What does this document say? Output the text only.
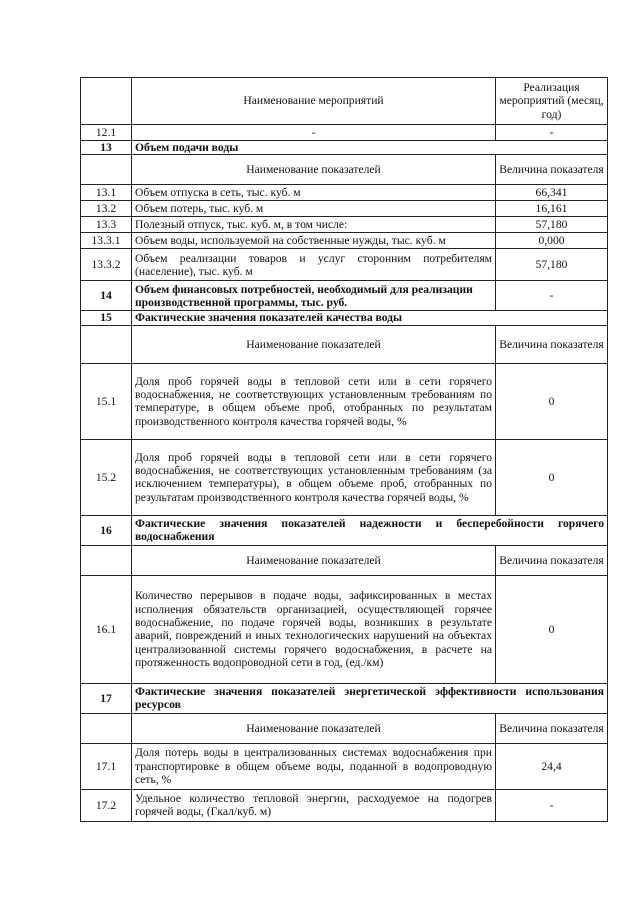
	Наименование мероприятий	Реализация мероприятий (месяц, год)
12.1	-	-
13	Объем подачи воды	
	Наименование показателей	Величина показателя
13.1	Объем отпуска в сеть, тыс. куб. м	66,341
13.2	Объем потерь, тыс. куб. м	16,161
13.3	Полезный отпуск, тыс. куб. м, в том числе:	57,180
13.3.1	Объем воды, используемой на собственные нужды, тыс. куб. м	0,000
13.3.2	Объем реализации товаров и услуг сторонним потребителям (население), тыс. куб. м	57,180
14	Объем финансовых потребностей, необходимый для реализации производственной программы, тыс. руб.	-
15	Фактические значения показателей качества воды	
	Наименование показателей	Величина показателя
15.1	Доля проб горячей воды в тепловой сети или в сети горячего водоснабжения, не соответствующих установленным требованиям по температуре, в общем объеме проб, отобранных по результатам производственного контроля качества горячей воды, %	0
15.2	Доля проб горячей воды в тепловой сети или в сети горячего водоснабжения, не соответствующих установленным требованиям (за исключением температуры), в общем объеме проб, отобранных по результатам производственного контроля качества горячей воды, %	0
16	Фактические значения показателей надежности и бесперебойности горячего водоснабжения	
	Наименование показателей	Величина показателя
16.1	Количество перерывов в подаче воды, зафиксированных в местах исполнения обязательств организацией, осуществляющей горячее водоснабжение, по подаче горячей воды, возникших в результате аварий, повреждений и иных технологических нарушений на объектах централизованной системы горячего водоснабжения, в расчете на протяженность водопроводной сети в год, (ед./км)	0
17	Фактические значения показателей энергетической эффективности использования ресурсов	
	Наименование показателей	Величина показателя
17.1	Доля потерь воды в централизованных системах водоснабжения при транспортировке в общем объеме воды, поданной в водопроводную сеть, %	24,4
17.2	Удельное количество тепловой энергии, расходуемое на подогрев горячей воды, (Гкал/куб. м)	-
